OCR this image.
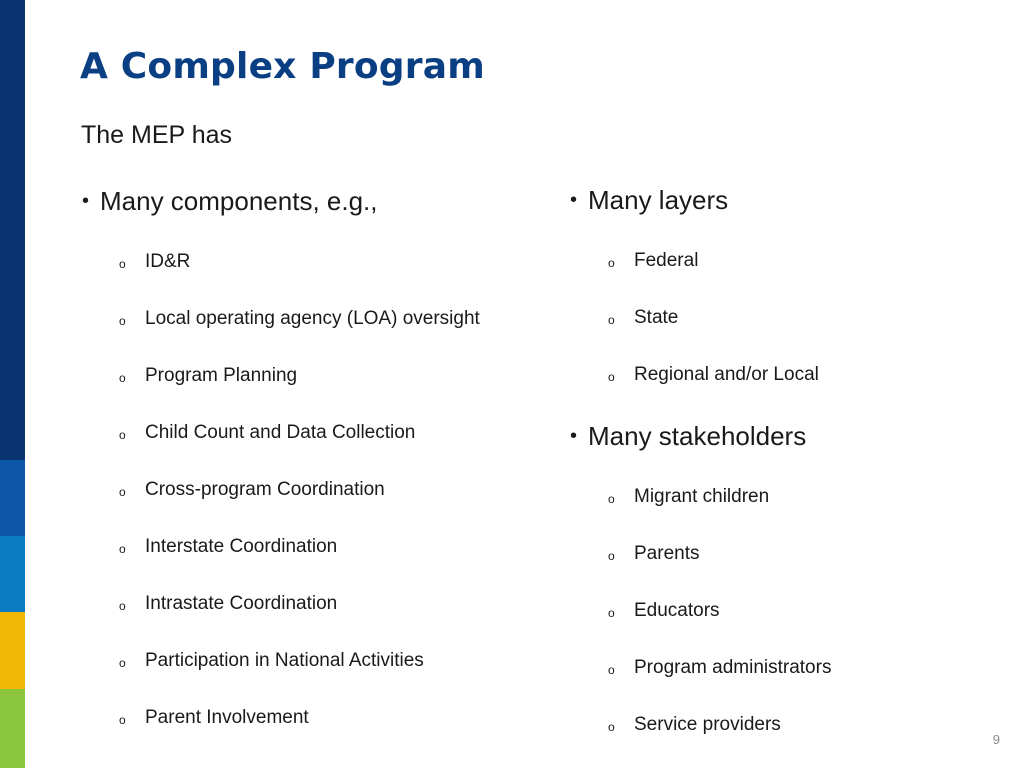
A Complex Program
The MEP has
• Many components, e.g.,
o ID&R
o Local operating agency (LOA) oversight
o Program Planning
o Child Count and Data Collection
o Cross-program Coordination
o Interstate Coordination
o Intrastate Coordination
o Participation in National Activities
o Parent Involvement
• Many layers
o Federal
o State
o Regional and/or Local
• Many stakeholders
o Migrant children
o Parents
o Educators
o Program administrators
o Service providers
9
